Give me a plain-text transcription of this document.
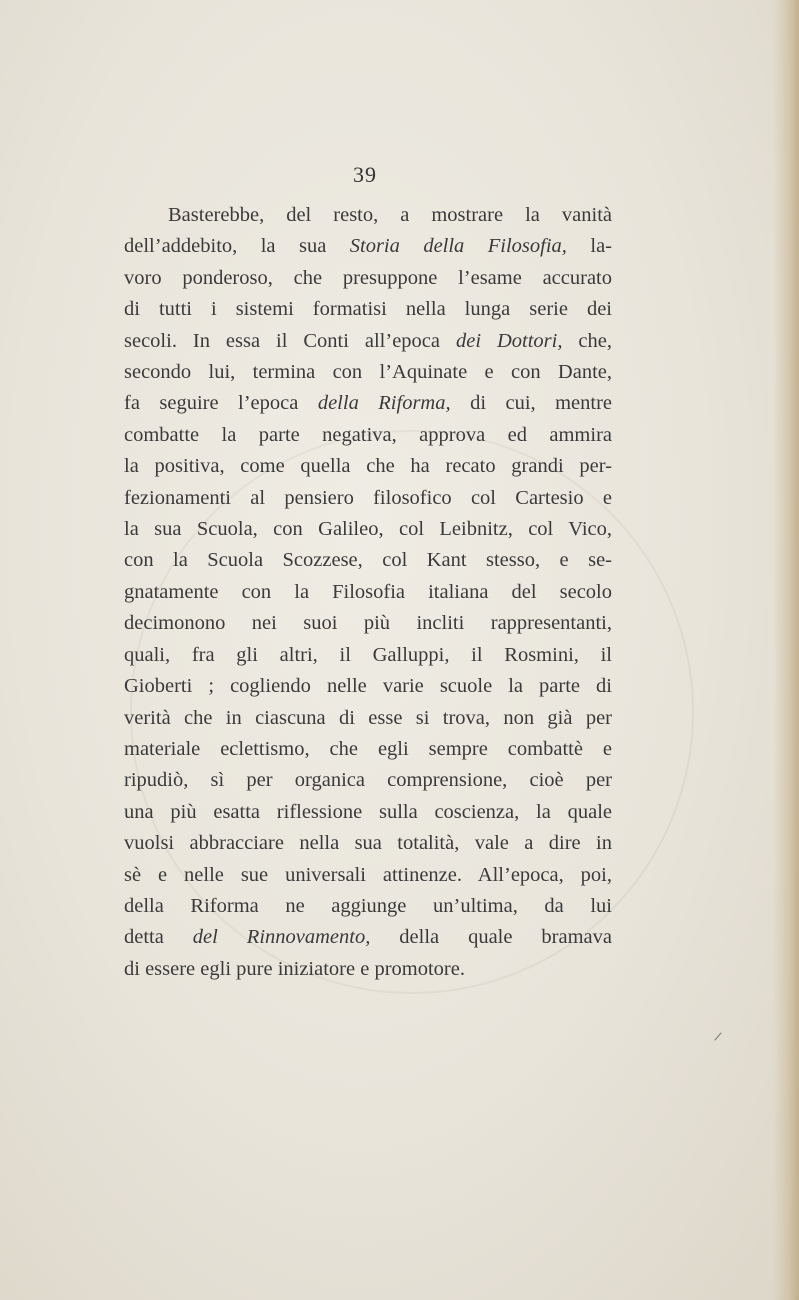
39
Basterebbe, del resto, a mostrare la vanità
dell’addebito, la sua Storia della Filosofia, la-
voro ponderoso, che presuppone l’esame accurato
di tutti i sistemi formatisi nella lunga serie dei
secoli. In essa il Conti all’epoca dei Dottori, che,
secondo lui, termina con l’Aquinate e con Dante,
fa seguire l’epoca della Riforma, di cui, mentre
combatte la parte negativa, approva ed ammira
la positiva, come quella che ha recato grandi per-
fezionamenti al pensiero filosofico col Cartesio e
la sua Scuola, con Galileo, col Leibnitz, col Vico,
con la Scuola Scozzese, col Kant stesso, e se-
gnatamente con la Filosofia italiana del secolo
decimonono nei suoi più incliti rappresentanti,
quali, fra gli altri, il Galluppi, il Rosmini, il
Gioberti ; cogliendo nelle varie scuole la parte di
verità che in ciascuna di esse si trova, non già per
materiale eclettismo, che egli sempre combattè e
ripudiò, sì per organica comprensione, cioè per
una più esatta riflessione sulla coscienza, la quale
vuolsi abbracciare nella sua totalità, vale a dire in
sè e nelle sue universali attinenze. All’epoca, poi,
della Riforma ne aggiunge un’ultima, da lui
detta del Rinnovamento, della quale bramava
di essere egli pure iniziatore e promotore.
